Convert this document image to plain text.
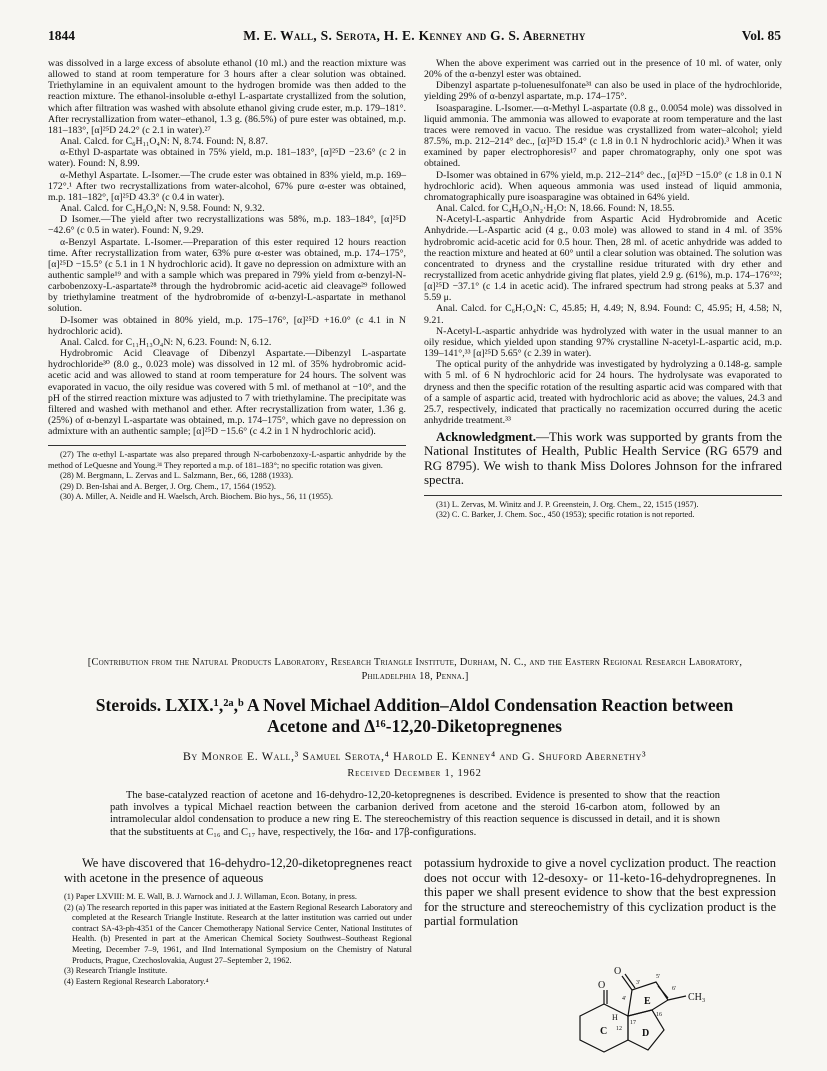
1844	M. E. Wall, S. Serota, H. E. Kenney and G. S. Abernethy	Vol. 85

was dissolved in a large excess of absolute ethanol (10 ml.) and the reaction mixture was allowed to stand at room temperature for 3 hours after a clear solution was obtained. Triethylamine in an equivalent amount to the hydrogen bromide was then added to the reaction mixture. The ethanol-insoluble α-ethyl L-aspartate crystallized from the solution, which after filtration was washed with absolute ethanol giving crude ester, m.p. 179–181°. After recrystallization from water–ethanol, 1.3 g. (86.5%) of pure ester was obtained, m.p. 181–183°, [α]²⁵D 24.2° (c 2.1 in water).²⁷

Anal. Calcd. for C₆H₁₁O₄N: N, 8.74. Found: N, 8.87.

α-Ethyl D-aspartate was obtained in 75% yield, m.p. 181–183°, [α]²⁵D −23.6° (c 2 in water). Found: N, 8.99.

α-Methyl Aspartate. L-Isomer.—The crude ester was obtained in 83% yield, m.p. 169–172°.¹ After two recrystallizations from water-alcohol, 67% pure α-ester was obtained, m.p. 181–182°, [α]²⁵D 43.3° (c 0.4 in water).

Anal. Calcd. for C₅H₉O₄N: N, 9.58. Found: N, 9.32.

D Isomer.—The yield after two recrystallizations was 58%, m.p. 183–184°, [α]²⁵D −42.6° (c 0.5 in water). Found: N, 9.29.

α-Benzyl Aspartate. L-Isomer.—Preparation of this ester required 12 hours reaction time. After recrystallization from water, 63% pure α-ester was obtained, m.p. 174–175°, [α]²⁵D −15.5° (c 5.1 in 1 N hydrochloric acid). It gave no depression on admixture with an authentic sample¹⁹ and with a sample which was prepared in 79% yield from α-benzyl-N-carbobenzoxy-L-aspartate²⁸ through the hydrobromic acid-acetic aid cleavage²⁹ followed by triethylamine treatment of the hydrobromide of α-benzyl-L-aspartate in methanol solution.

D-Isomer was obtained in 80% yield, m.p. 175–176°, [α]²⁵D +16.0° (c 4.1 in N hydrochloric acid).

Anal. Calcd. for C₁₁H₁₃O₄N: N, 6.23. Found: N, 6.12.

Hydrobromic Acid Cleavage of Dibenzyl Aspartate.—Dibenzyl L-aspartate hydrochloride³⁰ (8.0 g., 0.023 mole) was dissolved in 12 ml. of 35% hydrobromic acid-acetic acid and was allowed to stand at room temperature for 24 hours. The solvent was evaporated in vacuo, the oily residue was covered with 5 ml. of methanol at −10°, and the pH of the stirred reaction mixture was adjusted to 7 with triethylamine. The precipitate was filtered and washed with methanol and ether. After recrystallization from water, 1.36 g. (25%) of α-benzyl L-aspartate was obtained, m.p. 174–175°, which gave no depression on admixture with an authentic sample; [α]²⁵D −15.6° (c 4.2 in 1 N hydrochloric acid).

(27) The α-ethyl L-aspartate was also prepared through N-carbobenzoxy-L-aspartic anhydride by the method of LeQuesne and Young.³¹ They reported a m.p. of 181–183°; no specific rotation was given.

(28) M. Bergmann, L. Zervas and L. Salzmann, Ber., 66, 1288 (1933).

(29) D. Ben-Ishai and A. Berger, J. Org. Chem., 17, 1564 (1952).

(30) A. Miller, A. Neidle and H. Waelsch, Arch. Biochem. Bio hys., 56, 11 (1955).

When the above experiment was carried out in the presence of 10 ml. of water, only 20% of the α-benzyl ester was obtained.

Dibenzyl aspartate p-toluenesulfonate³¹ can also be used in place of the hydrochloride, yielding 29% of α-benzyl aspartate, m.p. 174–175°.

Isoasparagine. L-Isomer.—α-Methyl L-aspartate (0.8 g., 0.0054 mole) was dissolved in liquid ammonia. The ammonia was allowed to evaporate at room temperature and the last traces were removed in vacuo. The residue was crystallized from water–alcohol; yield 87.5%, m.p. 212–214° dec., [α]²⁵D 15.4° (c 1.8 in 0.1 N hydrochloric acid).³ When it was examined by paper electrophoresis¹⁷ and paper chromatography, only one spot was obtained.

D-Isomer was obtained in 67% yield, m.p. 212–214° dec., [α]²⁵D −15.0° (c 1.8 in 0.1 N hydrochloric acid). When aqueous ammonia was used instead of liquid ammonia, chromatographically pure isoasparagine was obtained in 64% yield.

Anal. Calcd. for C₄H₈O₃N₂·H₂O: N, 18.66. Found: N, 18.55.

N-Acetyl-L-aspartic Anhydride from Aspartic Acid Hydrobromide and Acetic Anhydride.—L-Aspartic acid (4 g., 0.03 mole) was allowed to stand in 4 ml. of 35% hydrobromic acid-acetic acid for 0.5 hour. Then, 28 ml. of acetic anhydride was added to the reaction mixture and heated at 60° until a clear solution was obtained. The solution was concentrated to dryness and the crystalline residue triturated with dry ether and recrystallized from acetic anhydride giving flat plates, yield 2.9 g. (61%), m.p. 174–176°³²; [α]²⁵D −37.1° (c 1.4 in acetic acid). The infrared spectrum had strong peaks at 5.37 and 5.59 μ.

Anal. Calcd. for C₆H₇O₄N: C, 45.85; H, 4.49; N, 8.94. Found: C, 45.95; H, 4.58; N, 9.21.

N-Acetyl-L-aspartic anhydride was hydrolyzed with water in the usual manner to an oily residue, which yielded upon standing 97% crystalline N-acetyl-L-aspartic acid, m.p. 139–141°,³³ [α]²⁵D 5.65° (c 2.39 in water).

The optical purity of the anhydride was investigated by hydrolyzing a 0.148-g. sample with 5 ml. of 6 N hydrochloric acid for 24 hours. The hydrolysate was evaporated to dryness and then the specific rotation of the resulting aspartic acid was compared with that of a sample of aspartic acid, treated with hydrochloric acid as above; the values, 24.3 and 25.7, respectively, indicated that practically no racemization occurred during the acetic anhydride treatment.³³

Acknowledgment.—This work was supported by grants from the National Institutes of Health, Public Health Service (RG 6579 and RG 8795). We wish to thank Miss Dolores Johnson for the infrared spectra.

(31) L. Zervas, M. Winitz and J. P. Greenstein, J. Org. Chem., 22, 1515 (1957).

(32) C. C. Barker, J. Chem. Soc., 450 (1953); specific rotation is not reported.

[Contribution from the Natural Products Laboratory, Research Triangle Institute, Durham, N. C., and the Eastern Regional Research Laboratory, Philadelphia 18, Penna.]
Steroids. LXIX.¹,²ᵃ,ᵇ A Novel Michael Addition–Aldol Condensation Reaction between
Acetone and Δ¹⁶-12,20-Diketopregnenes
By Monroe E. Wall,³ Samuel Serota,⁴ Harold E. Kenney⁴ and G. Shuford Abernethy³
Received December 1, 1962
The base-catalyzed reaction of acetone and 16-dehydro-12,20-ketopregnenes is described. Evidence is presented to show that the reaction path involves a typical Michael reaction between the carbanion derived from acetone and the steroid 16-carbon atom, followed by an intramolecular aldol condensation to produce a new ring E. The stereochemistry of this reaction sequence is discussed in detail, and it is shown that the substituents at C₁₆ and C₁₇ have, respectively, the 16α- and 17β-configurations.
We have discovered that 16-dehydro-12,20-diketopregnenes react with acetone in the presence of aqueous

(1) Paper LXVIII: M. E. Wall, B. J. Warnock and J. J. Willaman, Econ. Botany, in press.

(2) (a) The research reported in this paper was initiated at the Eastern Regional Research Laboratory and completed at the Research Triangle Institute. Research at the latter institution was carried out under contract SA-43-ph-4351 of the Cancer Chemotherapy National Service Center, National Institutes of Health. (b) Presented in part at the American Chemical Society Southwest–Southeast Regional Meeting, December 7–9, 1961, and IInd International Symposium on the Chemistry of Natural Products, Prague, Czechoslovakia, August 27–September 2, 1962.

(3) Research Triangle Institute.

(4) Eastern Regional Research Laboratory.⁴

potassium hydroxide to give a novel cyclization product. The reaction does not occur with 12-desoxy- or 11-keto-16-dehydropregnenes. In this paper we shall present evidence to show that the best expression for the structure and stereochemistry of this cyclization product is the partial formulation
O
O
H
E
C	D
CH₃
12
17
3′
4′
5′
6′
16
